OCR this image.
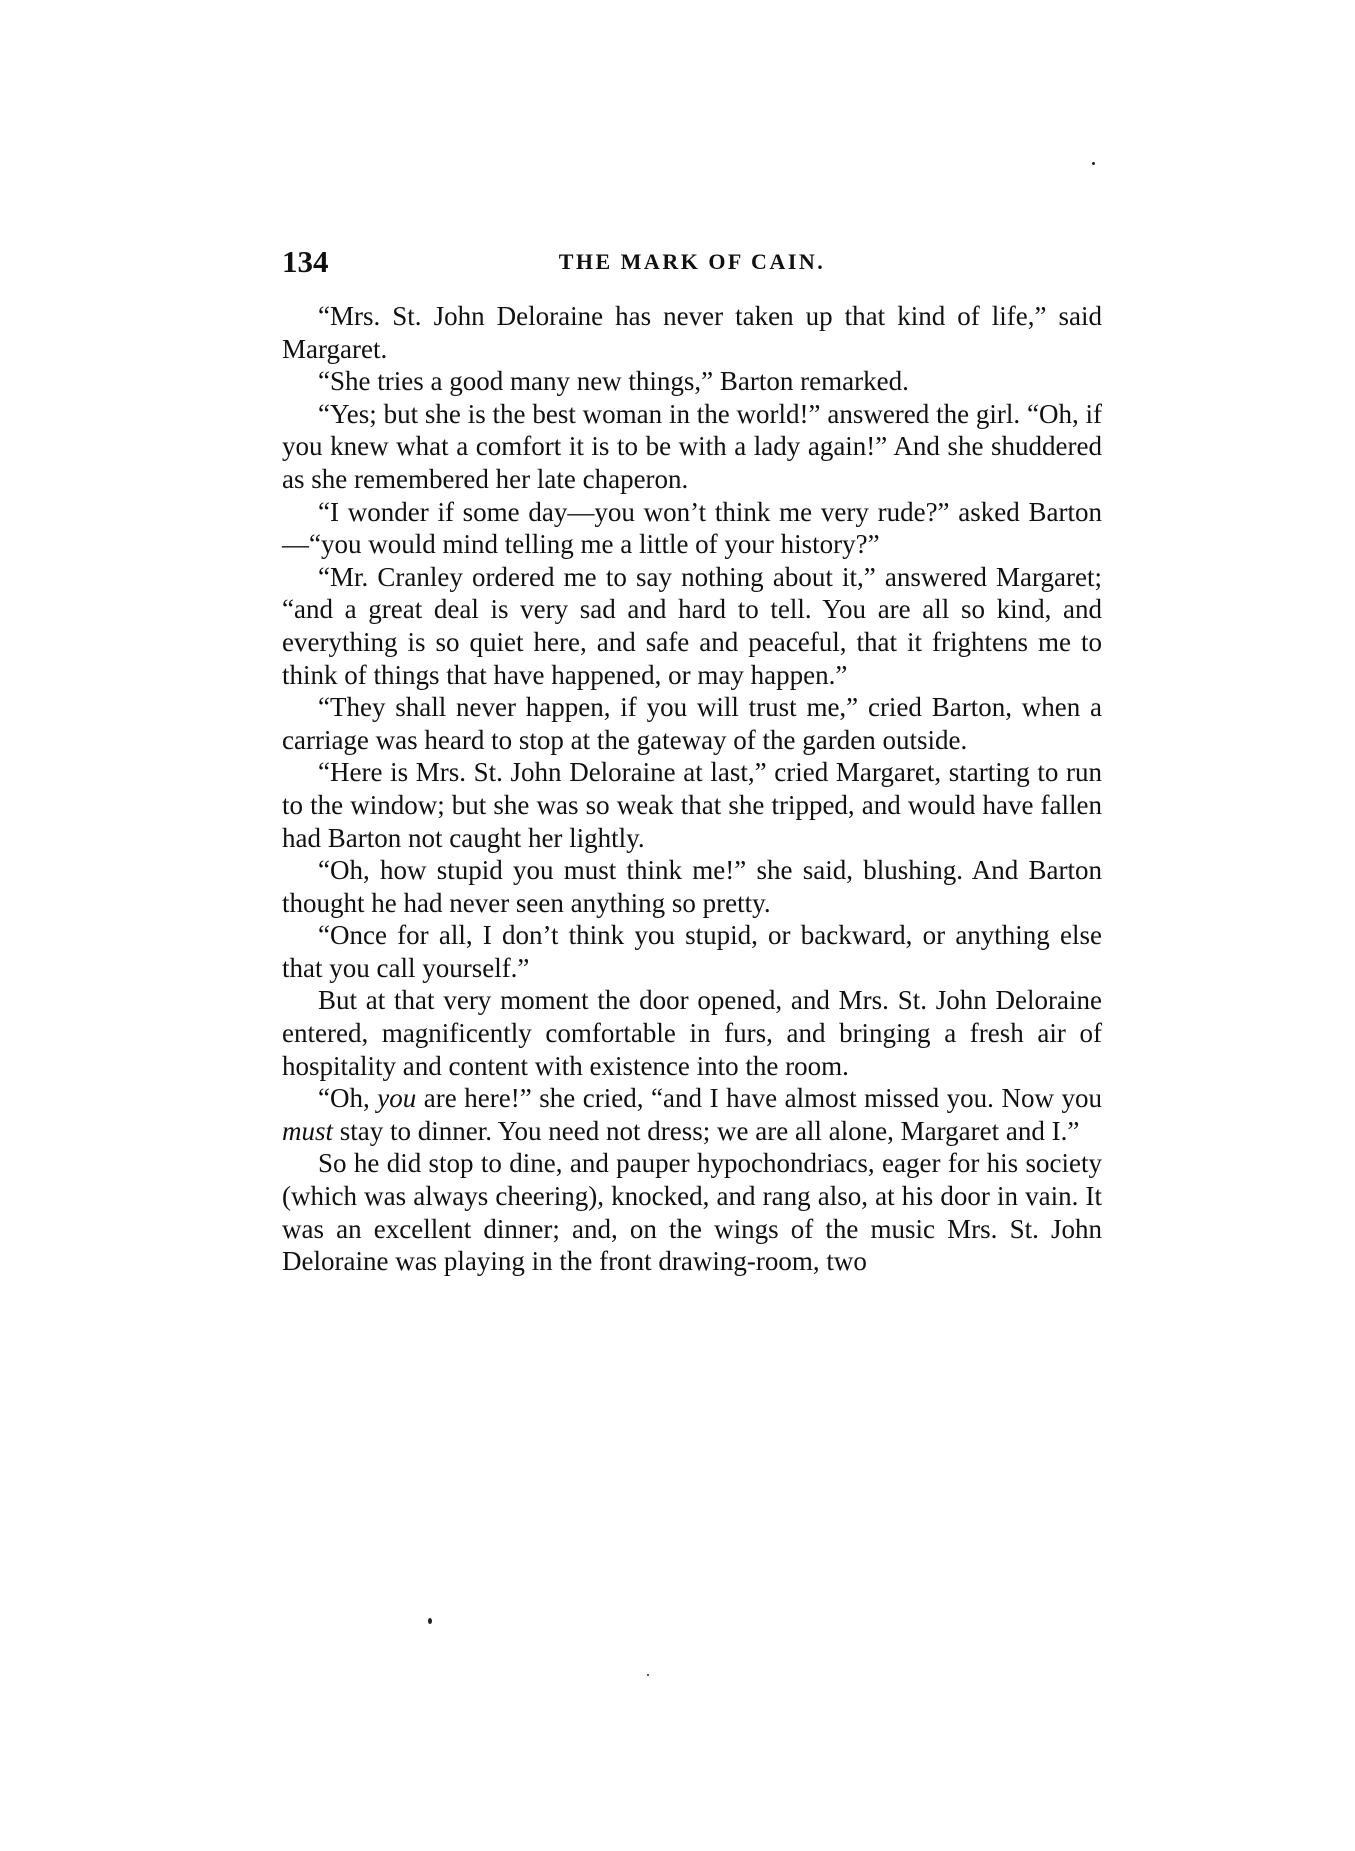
134	THE MARK OF CAIN.

“Mrs. St. John Deloraine has never taken up that kind of life,” said Margaret.

“She tries a good many new things,” Barton remarked.

“Yes; but she is the best woman in the world!” answered the girl. “Oh, if you knew what a comfort it is to be with a lady again!” And she shuddered as she remembered her late chaperon.

“I wonder if some day—you won’t think me very rude?” asked Barton—“you would mind telling me a little of your history?”

“Mr. Cranley ordered me to say nothing about it,” answered Margaret; “and a great deal is very sad and hard to tell. You are all so kind, and everything is so quiet here, and safe and peaceful, that it frightens me to think of things that have happened, or may happen.”

“They shall never happen, if you will trust me,” cried Barton, when a carriage was heard to stop at the gateway of the garden outside.

“Here is Mrs. St. John Deloraine at last,” cried Margaret, starting to run to the window; but she was so weak that she tripped, and would have fallen had Barton not caught her lightly.

“Oh, how stupid you must think me!” she said, blushing. And Barton thought he had never seen anything so pretty.

“Once for all, I don’t think you stupid, or backward, or anything else that you call yourself.”

But at that very moment the door opened, and Mrs. St. John Deloraine entered, magnificently comfortable in furs, and bringing a fresh air of hospitality and content with existence into the room.

“Oh, you are here!” she cried, “and I have almost missed you. Now you must stay to dinner. You need not dress; we are all alone, Margaret and I.”

So he did stop to dine, and pauper hypochondriacs, eager for his society (which was always cheering), knocked, and rang also, at his door in vain. It was an excellent dinner; and, on the wings of the music Mrs. St. John Deloraine was playing in the front drawing-room, two
